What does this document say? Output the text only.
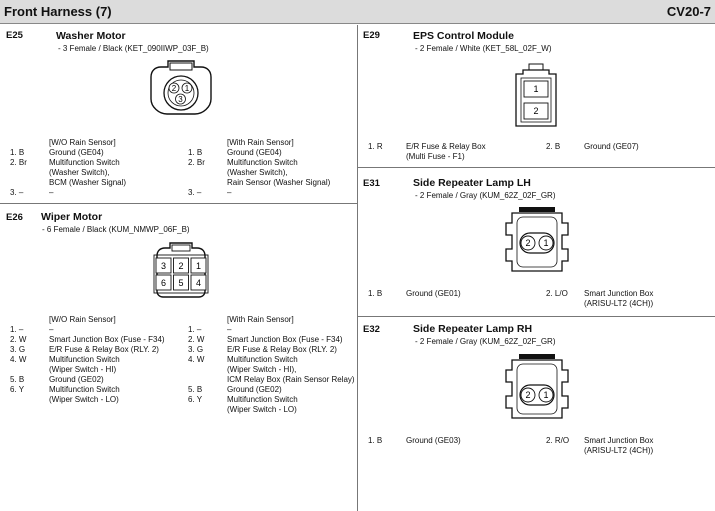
Front Harness (7)	CV20-7
E25	Washer Motor
- 3 Female / Black (KET_090IIWP_03F_B)
2 1
3
[W/O Rain Sensor]
1. B	Ground (GE04)
2. Br	Multifunction Switch
(Washer Switch),
BCM (Washer Signal)
3. –	–
[With Rain Sensor]
1. B	Ground (GE04)
2. Br	Multifunction Switch
(Washer Switch),
Rain Sensor (Washer Signal)
3. –	–
E26 Wiper Motor
- 6 Female / Black (KUM_NMWP_06F_B)
3 2 1
6 5 4
[W/O Rain Sensor]
1. –	–
2. W	Smart Junction Box (Fuse - F34)
3. G	E/R Fuse & Relay Box (RLY. 2)
4. W	Multifunction Switch
(Wiper Switch - HI)
5. B	Ground (GE02)
6. Y	Multifunction Switch
(Wiper Switch - LO)
[With Rain Sensor]
1. –	–
2. W	Smart Junction Box (Fuse - F34)
3. G	E/R Fuse & Relay Box (RLY. 2)
4. W	Multifunction Switch
(Wiper Switch - HI),
ICM Relay Box (Rain Sensor Relay)
5. B	Ground (GE02)
6. Y	Multifunction Switch
(Wiper Switch - LO)
E29	EPS Control Module
- 2 Female / White (KET_58L_02F_W)
1
2
1. R	E/R Fuse & Relay Box
(Multi Fuse - F1)
2. B	Ground (GE07)
E31	Side Repeater Lamp LH
- 2 Female / Gray (KUM_62Z_02F_GR)
2 1
1. B	Ground (GE01)	2. L/O Smart Junction Box
(ARISU-LT2 (4CH))
E32	Side Repeater Lamp RH
- 2 Female / Gray (KUM_62Z_02F_GR)
2 1
1. B	Ground (GE03)	2. R/O Smart Junction Box
(ARISU-LT2 (4CH))
